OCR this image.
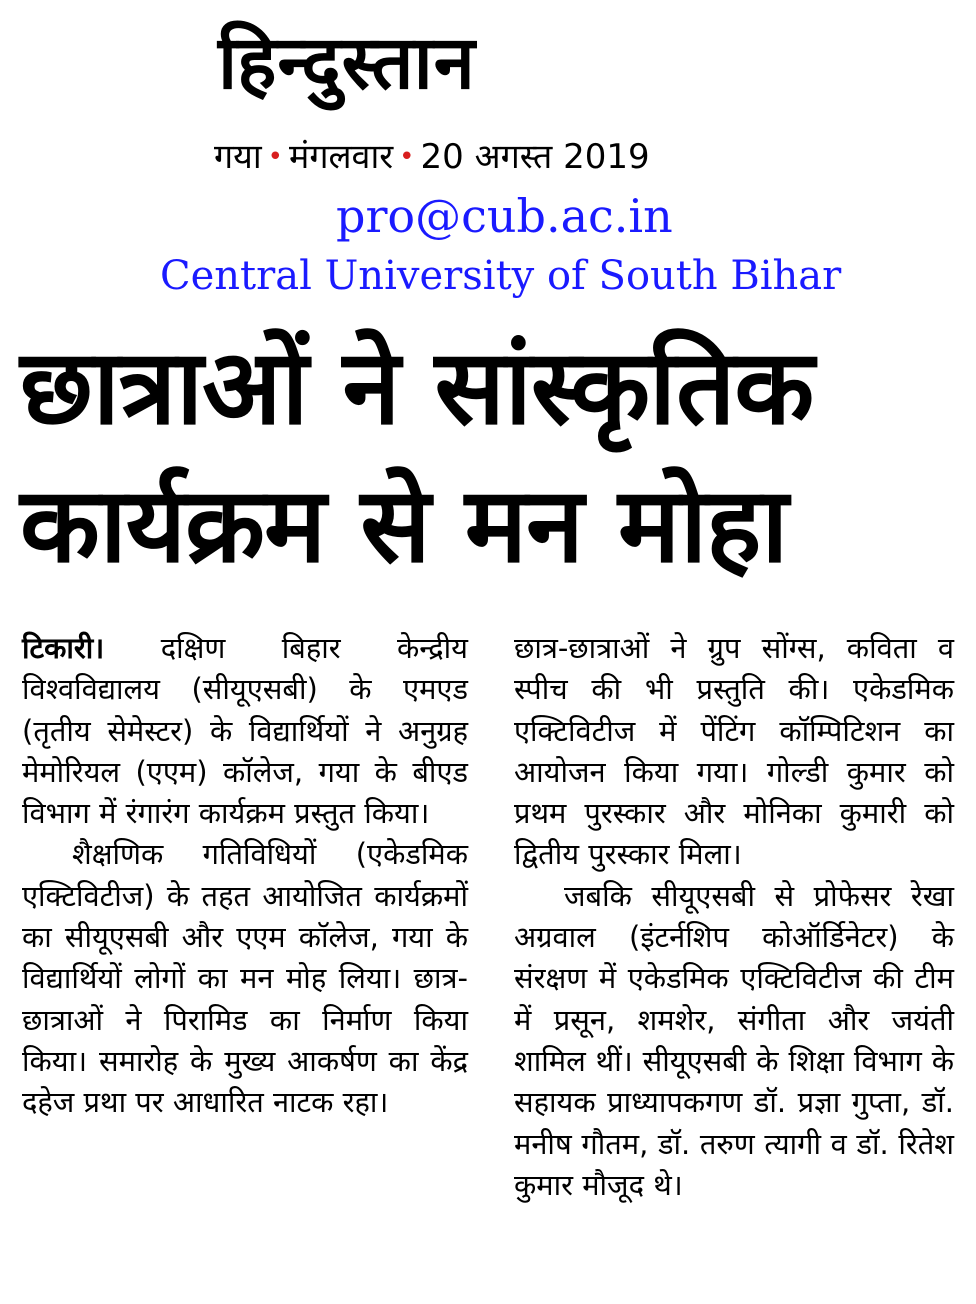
हिन्दुस्तान
गया • मंगलवार • 20 अगस्त 2019
pro@cub.ac.in
Central University of South Bihar
छात्राओं ने सांस्कृतिक
कार्यक्रम से मन मोहा

टिकारी। दक्षिण बिहार केन्द्रीय विश्वविद्यालय (सीयूएसबी) के एमएड (तृतीय सेमेस्टर) के विद्यार्थियों ने अनुग्रह मेमोरियल (एएम) कॉलेज, गया के बीएड विभाग में रंगारंग कार्यक्रम प्रस्तुत किया।

शैक्षणिक गतिविधियों (एकेडमिक एक्टिविटीज) के तहत आयोजित कार्यक्रमों का सीयूएसबी और एएम कॉलेज, गया के विद्यार्थियों लोगों का मन मोह लिया। छात्र-छात्राओं ने पिरामिड का निर्माण किया किया। समारोह के मुख्य आकर्षण का केंद्र दहेज प्रथा पर आधारित नाटक रहा।

छात्र-छात्राओं ने ग्रुप सोंग्स, कविता व स्पीच की भी प्रस्तुति की। एकेडमिक एक्टिविटीज में पेंटिंग कॉम्पिटिशन का आयोजन किया गया। गोल्डी कुमार को प्रथम पुरस्कार और मोनिका कुमारी को द्वितीय पुरस्कार मिला।

जबकि सीयूएसबी से प्रोफेसर रेखा अग्रवाल (इंटर्नशिप कोऑर्डिनेटर) के संरक्षण में एकेडमिक एक्टिविटीज की टीम में प्रसून, शमशेर, संगीता और जयंती शामिल थीं। सीयूएसबी के शिक्षा विभाग के सहायक प्राध्यापकगण डॉ. प्रज्ञा गुप्ता, डॉ. मनीष गौतम, डॉ. तरुण त्यागी व डॉ. रितेश कुमार मौजूद थे।
